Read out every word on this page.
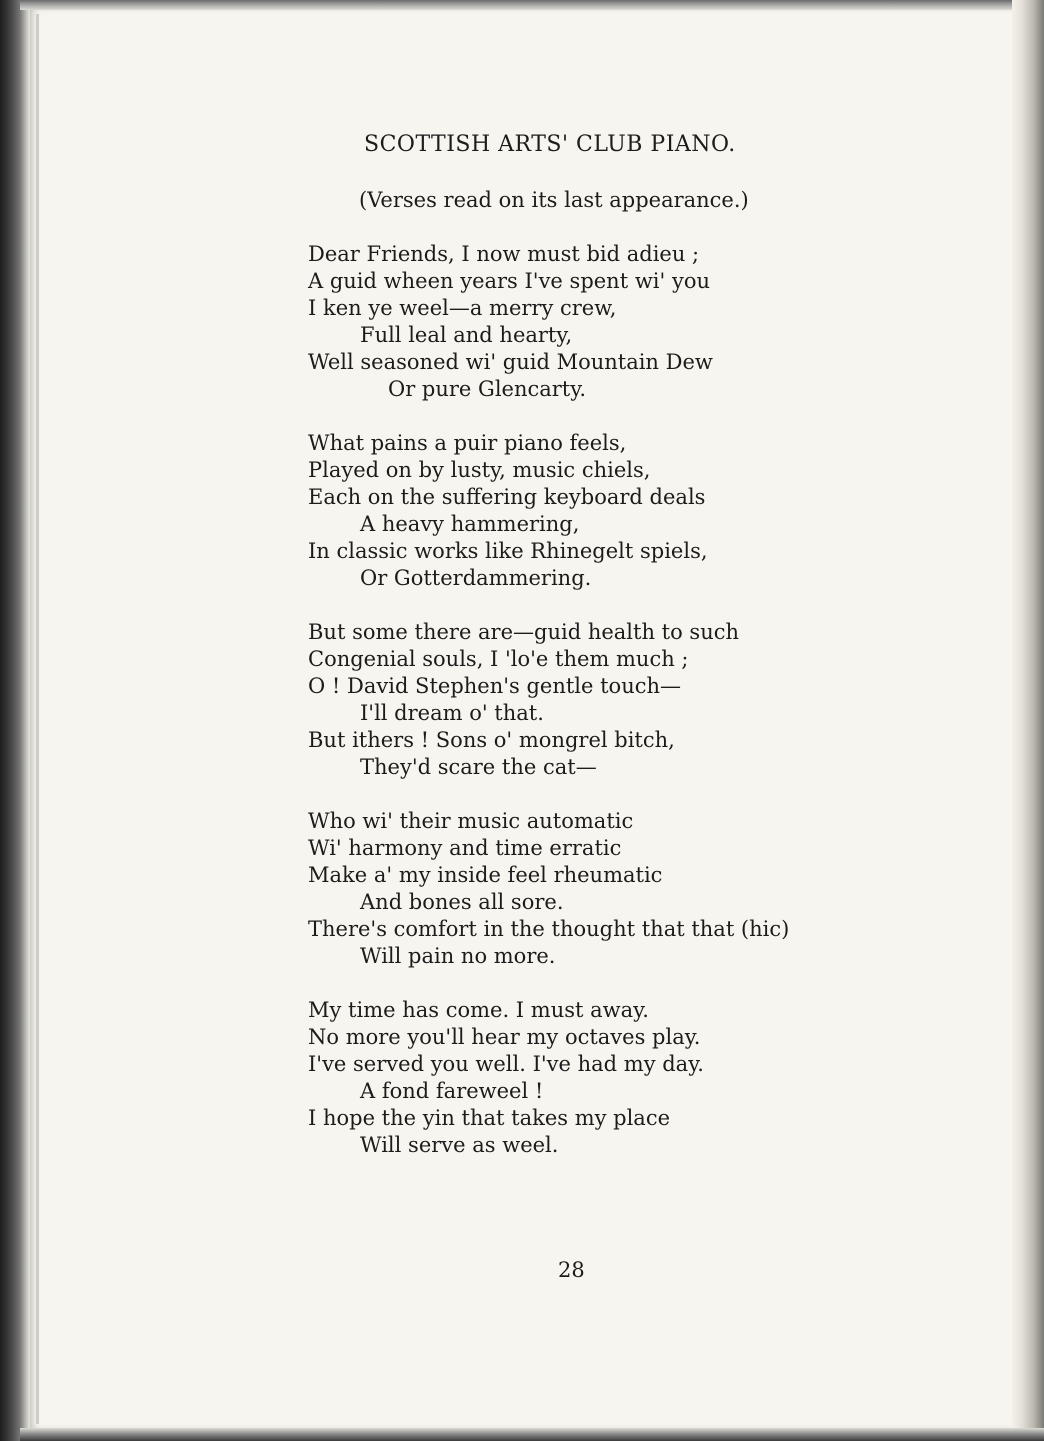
SCOTTISH ARTS' CLUB PIANO.

(Verses read on its last appearance.)

Dear Friends, I now must bid adieu ;
A guid wheen years I've spent wi' you
I ken ye weel—a merry crew,
Full leal and hearty,
Well seasoned wi' guid Mountain Dew
Or pure Glencarty.
What pains a puir piano feels,
Played on by lusty, music chiels,
Each on the suffering keyboard deals
A heavy hammering,
In classic works like Rhinegelt spiels,
Or Gotterdammering.
But some there are—guid health to such
Congenial souls, I 'lo'e them much ;
O ! David Stephen's gentle touch—
I'll dream o' that.
But ithers ! Sons o' mongrel bitch,
They'd scare the cat—
Who wi' their music automatic
Wi' harmony and time erratic
Make a' my inside feel rheumatic
And bones all sore.
There's comfort in the thought that that (hic)
Will pain no more.
My time has come. I must away.
No more you'll hear my octaves play.
I've served you well. I've had my day.
A fond fareweel !
I hope the yin that takes my place
Will serve as weel.

28
